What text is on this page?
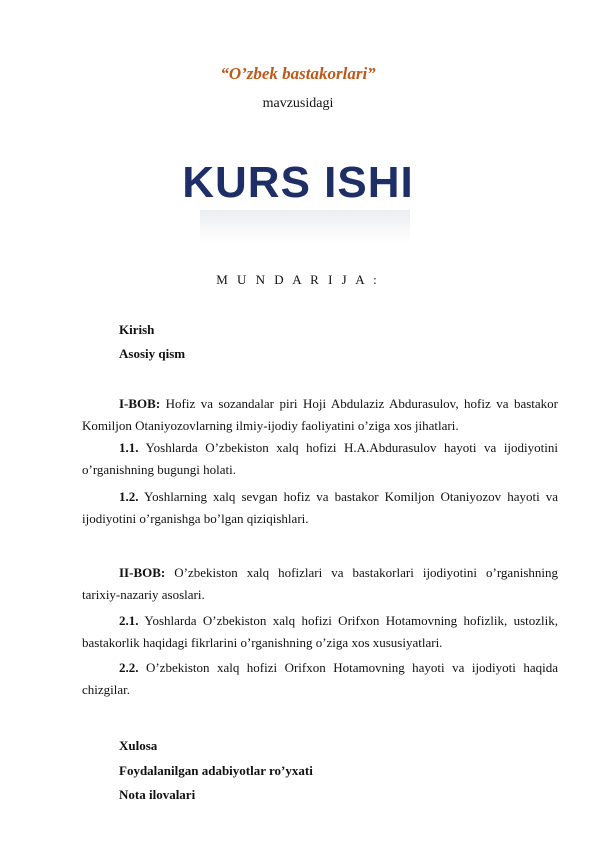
“O’zbek bastakorlari”
mavzusidagi
KURS ISHI
M U N D A R I J A :
Kirish
Asosiy qism
I-BOB: Hofiz va sozandalar piri Hoji Abdulaziz Abdurasulov, hofiz va bastakor Komiljon Otaniyozovlarning ilmiy-ijodiy faoliyatini o’ziga xos jihatlari.
1.1. Yoshlarda O’zbekiston xalq hofizi H.A.Abdurasulov hayoti va ijodiyotini o’rganishning bugungi holati.
1.2. Yoshlarning xalq sevgan hofiz va bastakor Komiljon Otaniyozov hayoti va ijodiyotini o’rganishga bo’lgan qiziqishlari.
II-BOB: O’zbekiston xalq hofizlari va bastakorlari ijodiyotini o’rganishning tarixiy-nazariy asoslari.
2.1. Yoshlarda O’zbekiston xalq hofizi Orifxon Hotamovning hofizlik, ustozlik, bastakorlik haqidagi fikrlarini o’rganishning o’ziga xos xususiyatlari.
2.2. O’zbekiston xalq hofizi Orifxon Hotamovning hayoti va ijodiyoti haqida chizgilar.
Xulosa
Foydalanilgan adabiyotlar ro’yxati
Nota ilovalari
